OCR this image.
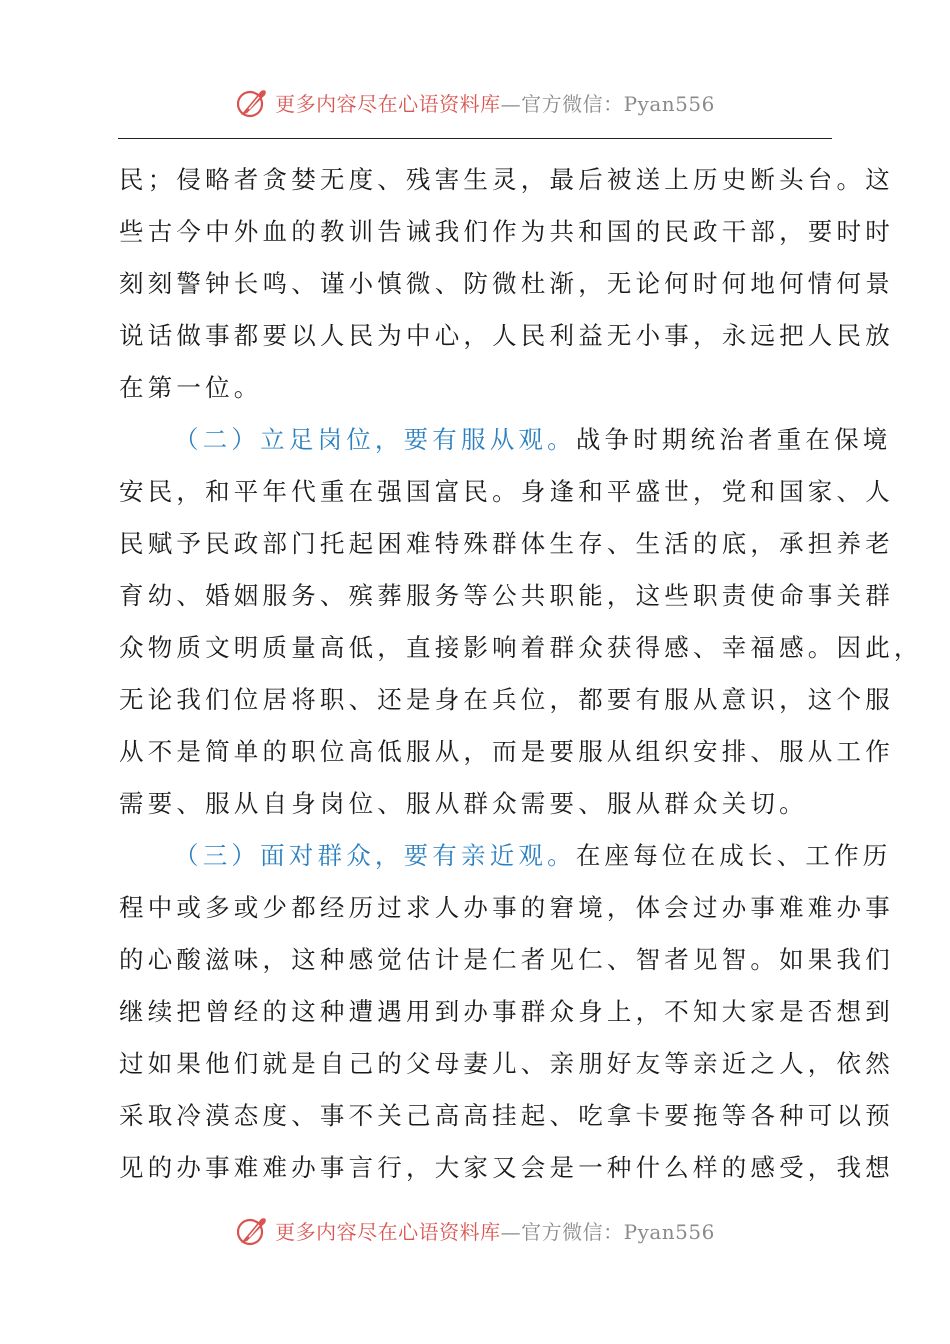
更多内容尽在心语资料库—官方微信：Pyan556
民；侵略者贪婪无度、残害生灵，最后被送上历史断头台。这
些古今中外血的教训告诫我们作为共和国的民政干部，要时时
刻刻警钟长鸣、谨小慎微、防微杜渐，无论何时何地何情何景
说话做事都要以人民为中心，人民利益无小事，永远把人民放
在第一位。
（二）立足岗位，要有服从观。战争时期统治者重在保境
安民，和平年代重在强国富民。身逢和平盛世，党和国家、人
民赋予民政部门托起困难特殊群体生存、生活的底，承担养老
育幼、婚姻服务、殡葬服务等公共职能，这些职责使命事关群
众物质文明质量高低，直接影响着群众获得感、幸福感。因此，
无论我们位居将职、还是身在兵位，都要有服从意识，这个服
从不是简单的职位高低服从，而是要服从组织安排、服从工作
需要、服从自身岗位、服从群众需要、服从群众关切。
（三）面对群众，要有亲近观。在座每位在成长、工作历
程中或多或少都经历过求人办事的窘境，体会过办事难难办事
的心酸滋味，这种感觉估计是仁者见仁、智者见智。如果我们
继续把曾经的这种遭遇用到办事群众身上，不知大家是否想到
过如果他们就是自己的父母妻儿、亲朋好友等亲近之人，依然
采取冷漠态度、事不关己高高挂起、吃拿卡要拖等各种可以预
见的办事难难办事言行，大家又会是一种什么样的感受，我想
更多内容尽在心语资料库—官方微信：Pyan556
